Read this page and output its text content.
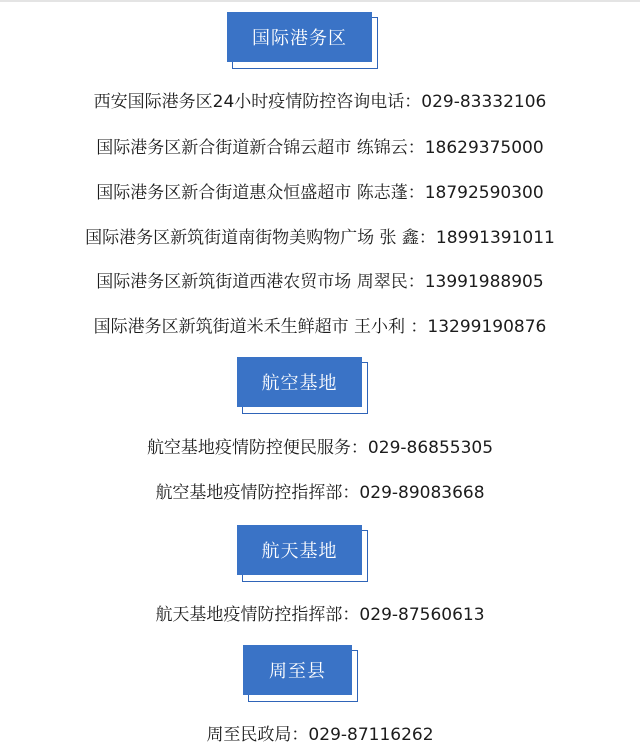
国际港务区
西安国际港务区24小时疫情防控咨询电话：029-83332106
国际港务区新合街道新合锦云超市 练锦云：18629375000
国际港务区新合街道惠众恒盛超市 陈志蓬：18792590300
国际港务区新筑街道南街物美购物广场 张 鑫：18991391011
国际港务区新筑街道西港农贸市场 周翠民：13991988905
国际港务区新筑街道米禾生鲜超市 王小利 ：13299190876
航空基地
航空基地疫情防控便民服务：029-86855305
航空基地疫情防控指挥部：029-89083668
航天基地
航天基地疫情防控指挥部：029-87560613
周至县
周至民政局：029-87116262
